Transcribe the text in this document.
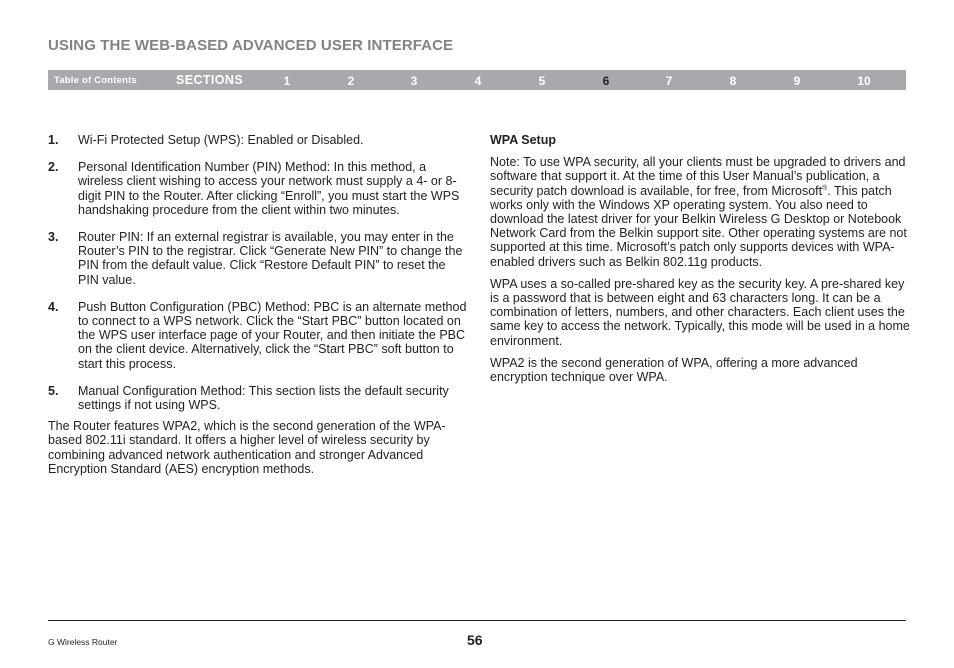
USING THE WEB-BASED ADVANCED USER INTERFACE
Table of Contents	SECTIONS	1	2	3	4	5	6	7	8	9	10
1. Wi-Fi Protected Setup (WPS): Enabled or Disabled.
2. Personal Identification Number (PIN) Method: In this method, a wireless client wishing to access your network must supply a 4- or 8-digit PIN to the Router. After clicking “Enroll”, you must start the WPS handshaking procedure from the client within two minutes.
3. Router PIN: If an external registrar is available, you may enter in the Router’s PIN to the registrar. Click “Generate New PIN” to change the PIN from the default value. Click “Restore Default PIN” to reset the PIN value.
4. Push Button Configuration (PBC) Method: PBC is an alternate method to connect to a WPS network. Click the “Start PBC” button located on the WPS user interface page of your Router, and then initiate the PBC on the client device. Alternatively, click the “Start PBC” soft button to start this process.
5. Manual Configuration Method: This section lists the default security settings if not using WPS.

The Router features WPA2, which is the second generation of the WPA-based 802.11i standard. It offers a higher level of wireless security by combining advanced network authentication and stronger Advanced Encryption Standard (AES) encryption methods.

WPA Setup

Note: To use WPA security, all your clients must be upgraded to drivers and software that support it. At the time of this User Manual’s publication, a security patch download is available, for free, from Microsoft®. This patch works only with the Windows XP operating system. You also need to download the latest driver for your Belkin Wireless G Desktop or Notebook Network Card from the Belkin support site. Other operating systems are not supported at this time. Microsoft’s patch only supports devices with WPA-enabled drivers such as Belkin 802.11g products.

WPA uses a so-called pre-shared key as the security key. A pre-shared key is a password that is between eight and 63 characters long. It can be a combination of letters, numbers, and other characters. Each client uses the same key to access the network. Typically, this mode will be used in a home environment.

WPA2 is the second generation of WPA, offering a more advanced encryption technique over WPA.

G Wireless Router	56
